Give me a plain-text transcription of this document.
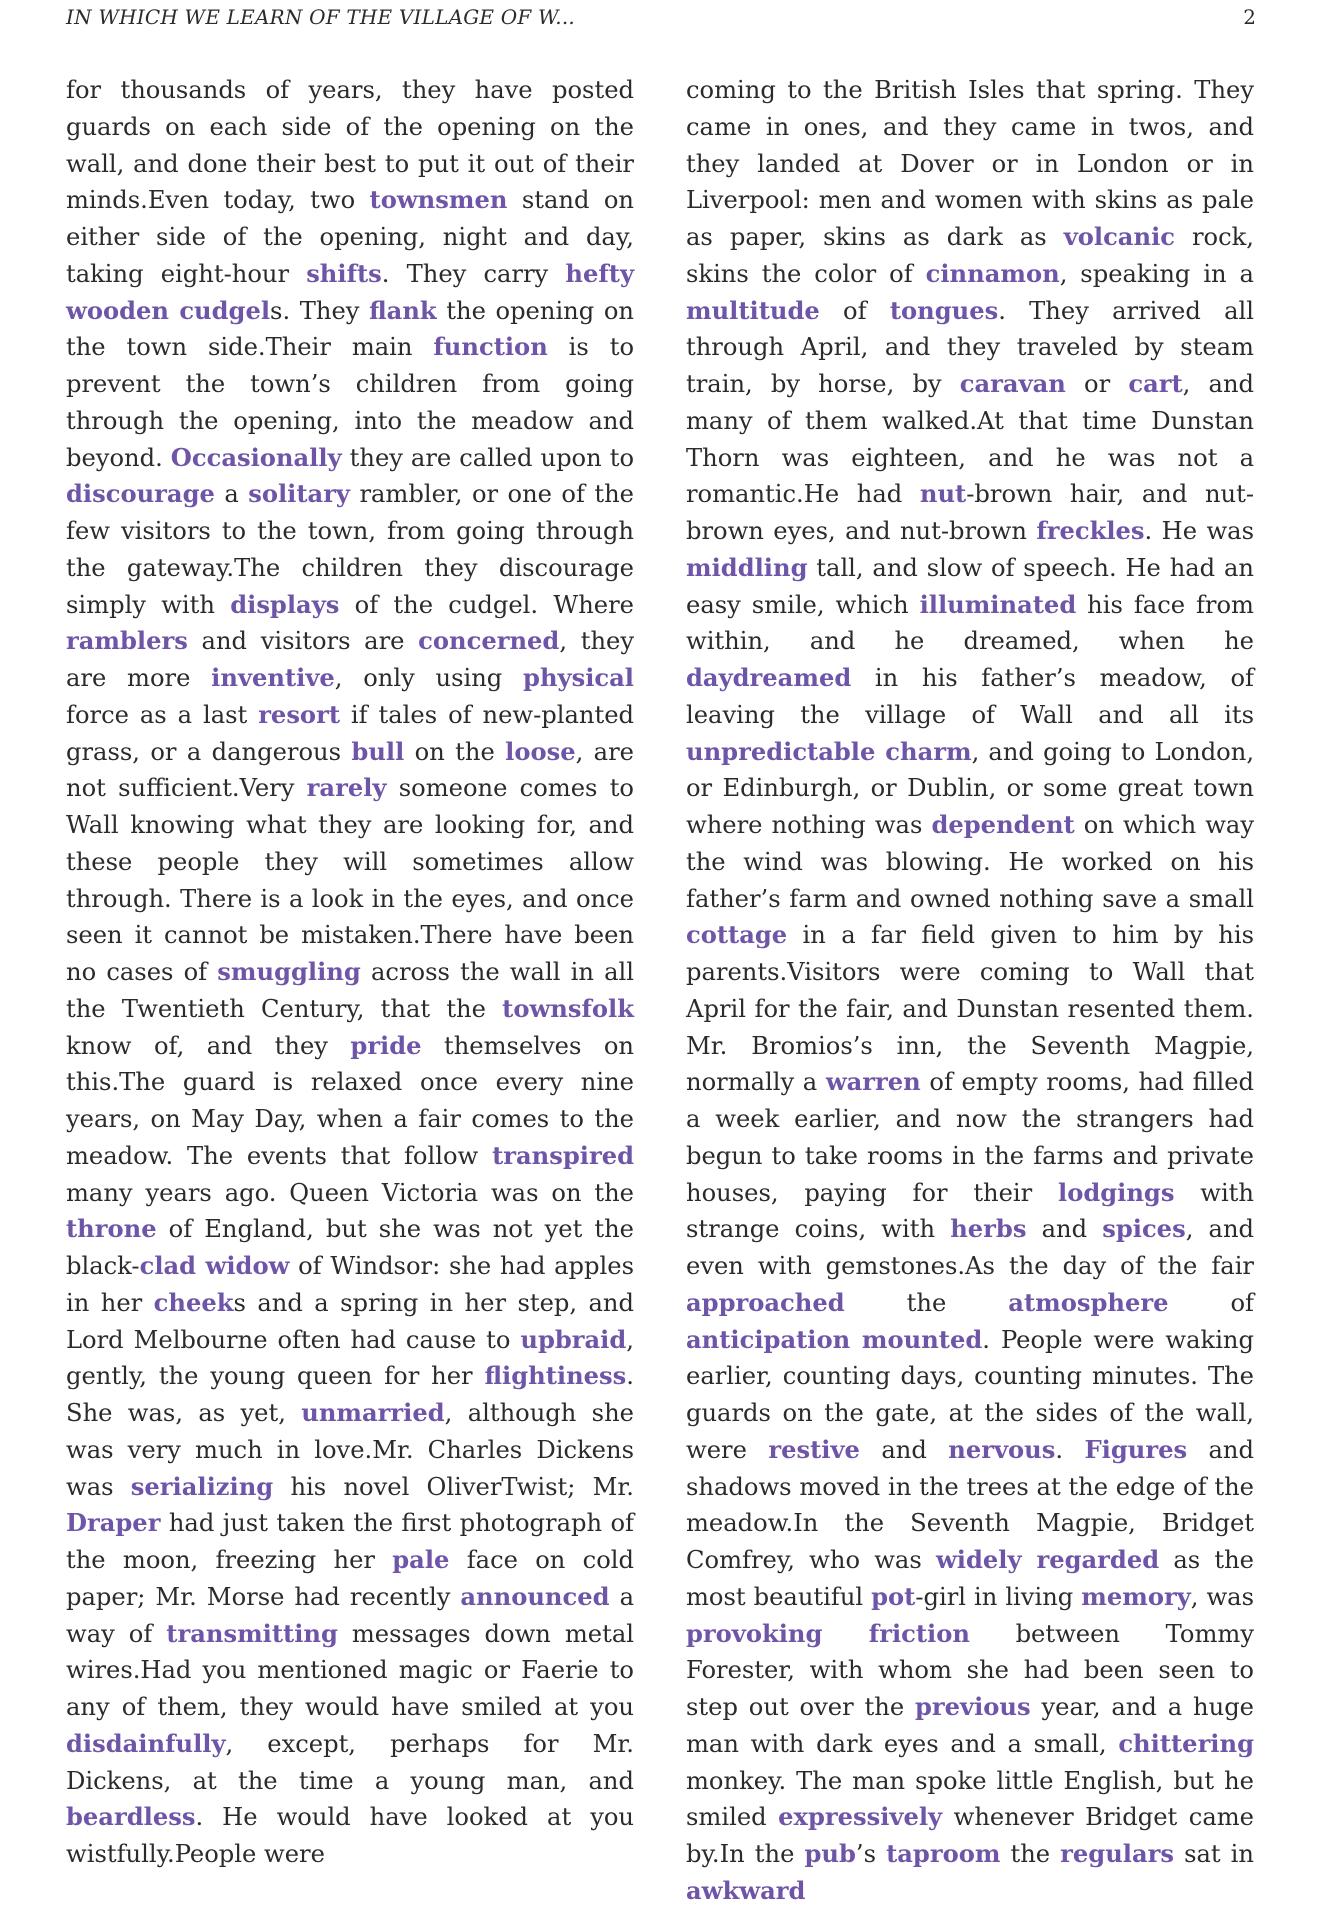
IN WHICH WE LEARN OF THE VILLAGE OF W...	2

for thousands of years, they have posted guards on each side of the opening on the wall, and done their best to put it out of their minds.Even today, two townsmen stand on either side of the opening, night and day, taking eight-hour shifts. They carry hefty wooden cudgels. They flank the opening on the town side.Their main function is to prevent the town’s children from going through the opening, into the meadow and beyond. Occasionally they are called upon to discourage a solitary rambler, or one of the few visitors to the town, from going through the gateway.The children they discourage simply with displays of the cudgel. Where ramblers and visitors are concerned, they are more inventive, only using physical force as a last resort if tales of new-planted grass, or a dangerous bull on the loose, are not sufficient.Very rarely someone comes to Wall knowing what they are looking for, and these people they will sometimes allow through. There is a look in the eyes, and once seen it cannot be mistaken.There have been no cases of smuggling across the wall in all the Twentieth Century, that the townsfolk know of, and they pride themselves on this.The guard is relaxed once every nine years, on May Day, when a fair comes to the meadow. The events that follow transpired many years ago. Queen Victoria was on the throne of England, but she was not yet the black-clad widow of Windsor: she had apples in her cheeks and a spring in her step, and Lord Melbourne often had cause to upbraid, gently, the young queen for her flightiness. She was, as yet, unmarried, although she was very much in love.Mr. Charles Dickens was serializing his novel OliverTwist; Mr. Draper had just taken the first photograph of the moon, freezing her pale face on cold paper; Mr. Morse had recently announced a way of transmitting messages down metal wires.Had you mentioned magic or Faerie to any of them, they would have smiled at you disdainfully, except, perhaps for Mr. Dickens, at the time a young man, and beardless. He would have looked at you wistfully.People were

coming to the British Isles that spring. They came in ones, and they came in twos, and they landed at Dover or in London or in Liverpool: men and women with skins as pale as paper, skins as dark as volcanic rock, skins the color of cinnamon, speaking in a multitude of tongues. They arrived all through April, and they traveled by steam train, by horse, by caravan or cart, and many of them walked.At that time Dunstan Thorn was eighteen, and he was not a romantic.He had nut-brown hair, and nut-brown eyes, and nut-brown freckles. He was middling tall, and slow of speech. He had an easy smile, which illuminated his face from within, and he dreamed, when he daydreamed in his father’s meadow, of leaving the village of Wall and all its unpredictable charm, and going to London, or Edinburgh, or Dublin, or some great town where nothing was dependent on which way the wind was blowing. He worked on his father’s farm and owned nothing save a small cottage in a far field given to him by his parents.Visitors were coming to Wall that April for the fair, and Dunstan resented them. Mr. Bromios’s inn, the Seventh Magpie, normally a warren of empty rooms, had filled a week earlier, and now the strangers had begun to take rooms in the farms and private houses, paying for their lodgings with strange coins, with herbs and spices, and even with gemstones.As the day of the fair approached the atmosphere of anticipation mounted. People were waking earlier, counting days, counting minutes. The guards on the gate, at the sides of the wall, were restive and nervous. Figures and shadows moved in the trees at the edge of the meadow.In the Seventh Magpie, Bridget Comfrey, who was widely regarded as the most beautiful pot-girl in living memory, was provoking friction between Tommy Forester, with whom she had been seen to step out over the previous year, and a huge man with dark eyes and a small, chittering monkey. The man spoke little English, but he smiled expressively whenever Bridget came by.In the pub’s taproom the regulars sat in awkward
